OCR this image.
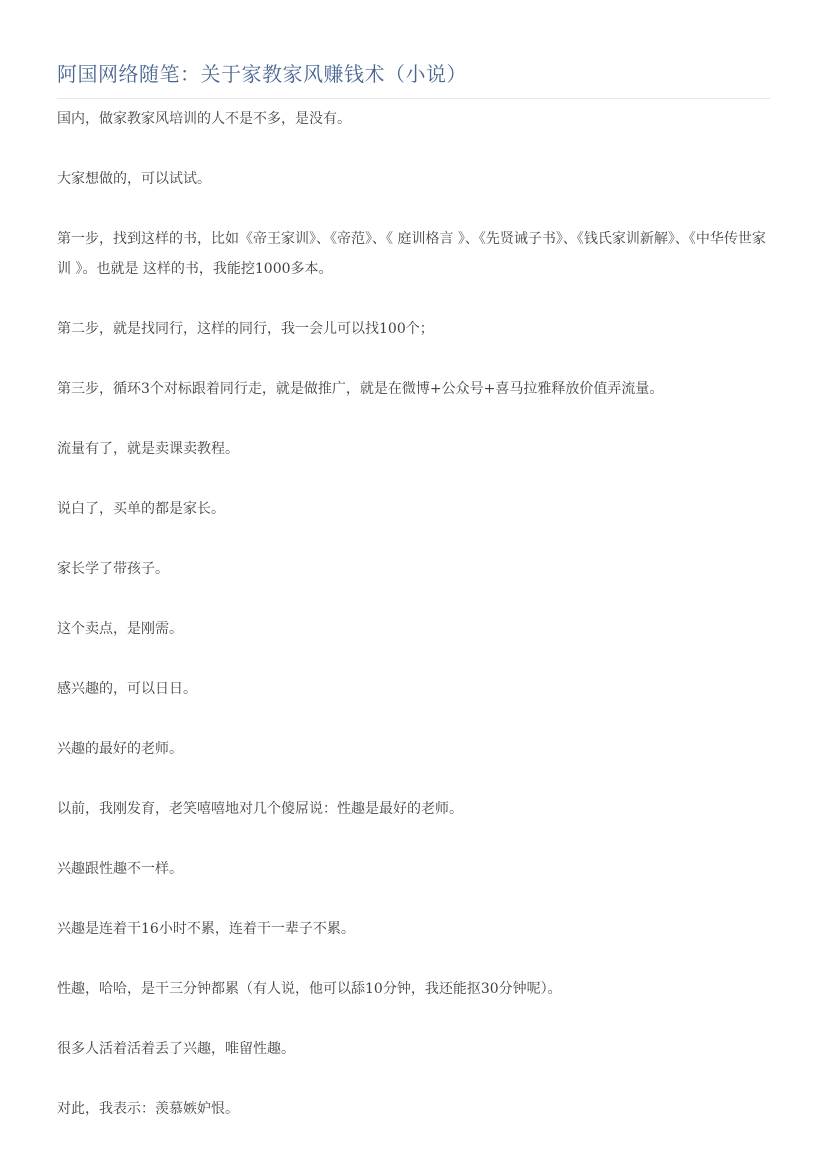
阿国网络随笔：关于家教家风赚钱术（小说）

国内，做家教家风培训的人不是不多，是没有。

大家想做的，可以试试。

第一步，找到这样的书，比如《帝王家训》、《帝范》、《 庭训格言 》、《先贤诫子书》、《钱氏家训新解》、《中华传世家训 》。也就是 这样的书，我能挖1000多本。

第二步，就是找同行，这样的同行，我一会儿可以找100个；

第三步，循环3个对标跟着同行走，就是做推广，就是在微博+公众号+喜马拉雅释放价值弄流量。

流量有了，就是卖课卖教程。

说白了，买单的都是家长。

家长学了带孩子。

这个卖点，是刚需。

感兴趣的，可以日日。

兴趣的最好的老师。

以前，我刚发育，老笑嘻嘻地对几个傻屌说：性趣是最好的老师。

兴趣跟性趣不一样。

兴趣是连着干16小时不累，连着干一辈子不累。

性趣，哈哈，是干三分钟都累（有人说，他可以舔10分钟，我还能抠30分钟呢）。

很多人活着活着丢了兴趣，唯留性趣。

对此，我表示：羡慕嫉妒恨。
